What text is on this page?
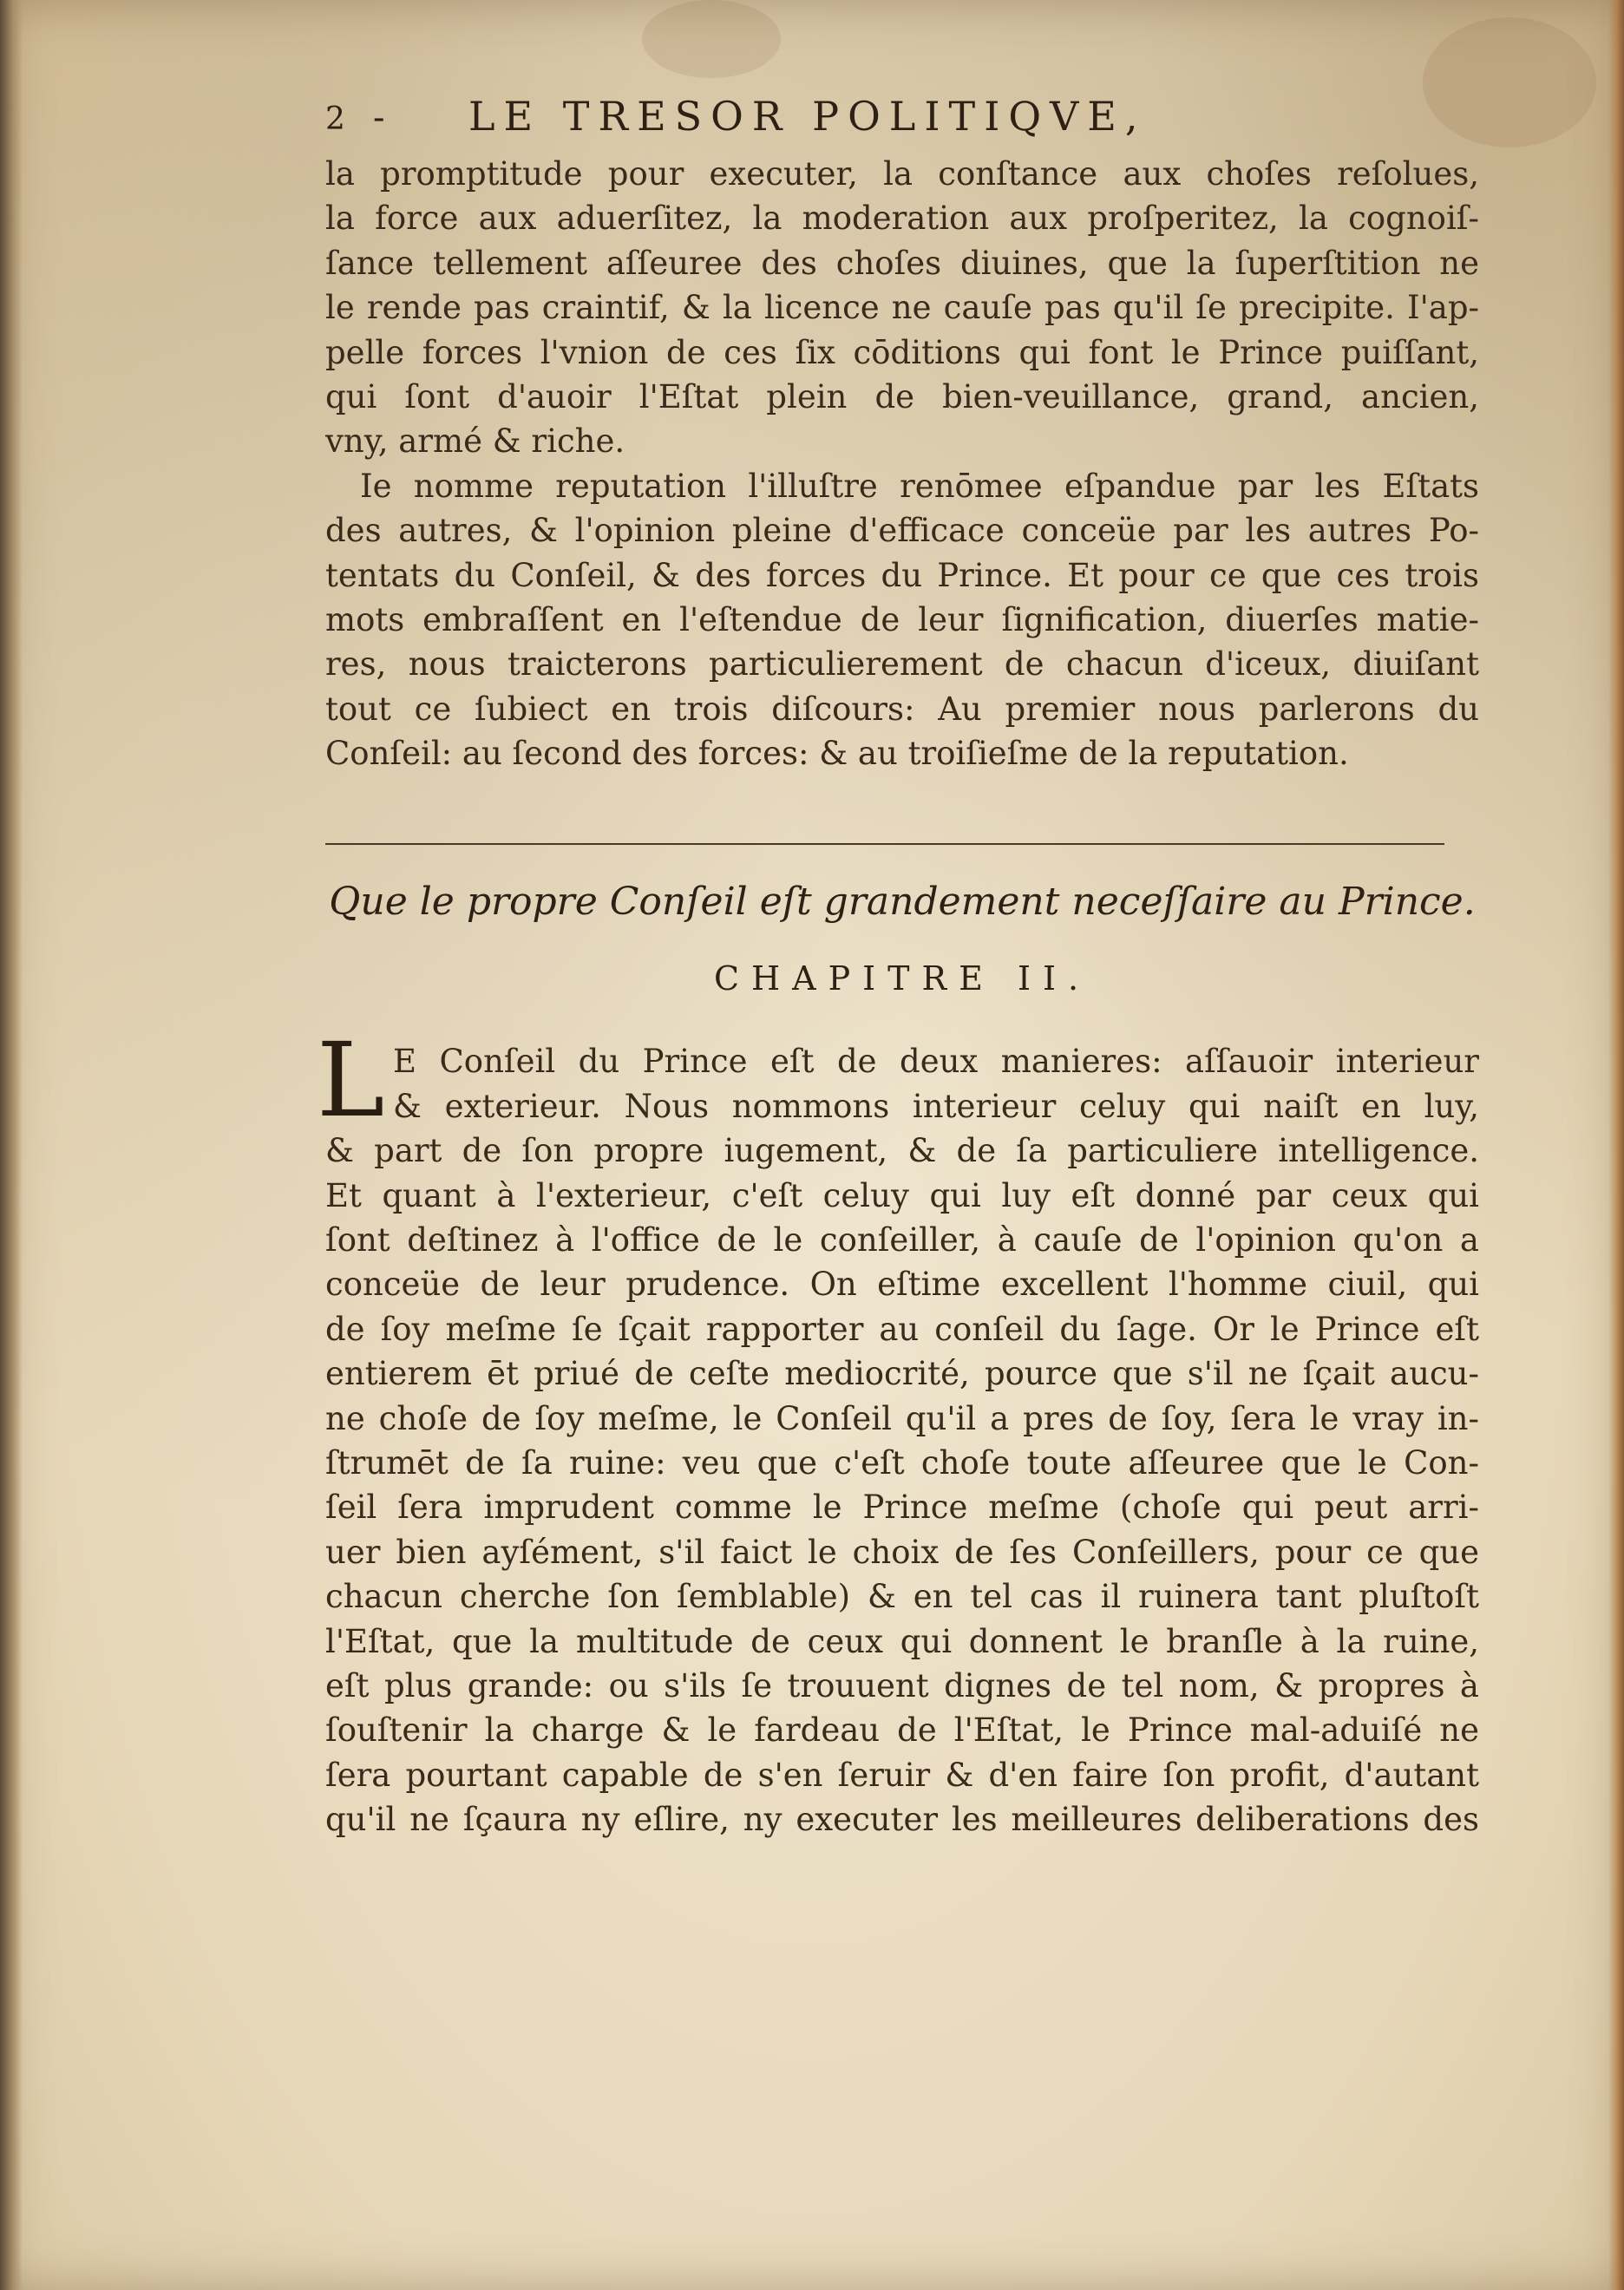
2 - LE TRESOR POLITIQVE,
la promptitude pour executer, la conſtance aux choſes reſolues,
la force aux aduerſitez, la moderation aux proſperitez, la cognoiſ-
ſance tellement aſſeuree des choſes diuines, que la ſuperſtition ne
le rende pas craintif, & la licence ne cauſe pas qu'il ſe precipite. I'ap-
pelle forces l'vnion de ces ſix cōditions qui font le Prince puiſſant,
qui ſont d'auoir l'Eſtat plein de bien-veuillance, grand, ancien,
vny, armé & riche.
Ie nomme reputation l'illuſtre renōmee eſpandue par les Eſtats
des autres, & l'opinion pleine d'efficace conceüe par les autres Po-
tentats du Conſeil, & des forces du Prince. Et pour ce que ces trois
mots embraſſent en l'eſtendue de leur ſignification, diuerſes matie-
res, nous traicterons particulierement de chacun d'iceux, diuiſant
tout ce ſubiect en trois diſcours: Au premier nous parlerons du
Conſeil: au ſecond des forces: & au troiſieſme de la reputation.
Que le propre Conſeil eſt grandement neceſſaire au Prince.
CHAPITRE II.
L E Conſeil du Prince eſt de deux manieres: aſſauoir interieur
& exterieur. Nous nommons interieur celuy qui naiſt en luy,
& part de ſon propre iugement, & de ſa particuliere intelligence.
Et quant à l'exterieur, c'eſt celuy qui luy eſt donné par ceux qui
ſont deſtinez à l'office de le conſeiller, à cauſe de l'opinion qu'on a
conceüe de leur prudence. On eſtime excellent l'homme ciuil, qui
de ſoy meſme ſe ſçait rapporter au conſeil du ſage. Or le Prince eſt
entierem ēt priué de ceſte mediocrité, pource que s'il ne ſçait aucu-
ne choſe de ſoy meſme, le Conſeil qu'il a pres de ſoy, ſera le vray in-
ſtrumēt de ſa ruine: veu que c'eſt choſe toute aſſeuree que le Con-
ſeil ſera imprudent comme le Prince meſme (choſe qui peut arri-
uer bien ayſément, s'il faict le choix de ſes Conſeillers, pour ce que
chacun cherche ſon ſemblable) & en tel cas il ruinera tant pluſtoſt
l'Eſtat, que la multitude de ceux qui donnent le branſle à la ruine,
eſt plus grande: ou s'ils ſe trouuent dignes de tel nom, & propres à
ſouſtenir la charge & le fardeau de l'Eſtat, le Prince mal-aduiſé ne
ſera pourtant capable de s'en ſeruir & d'en faire ſon profit, d'autant
qu'il ne ſçaura ny eſlire, ny executer les meilleures deliberations des
